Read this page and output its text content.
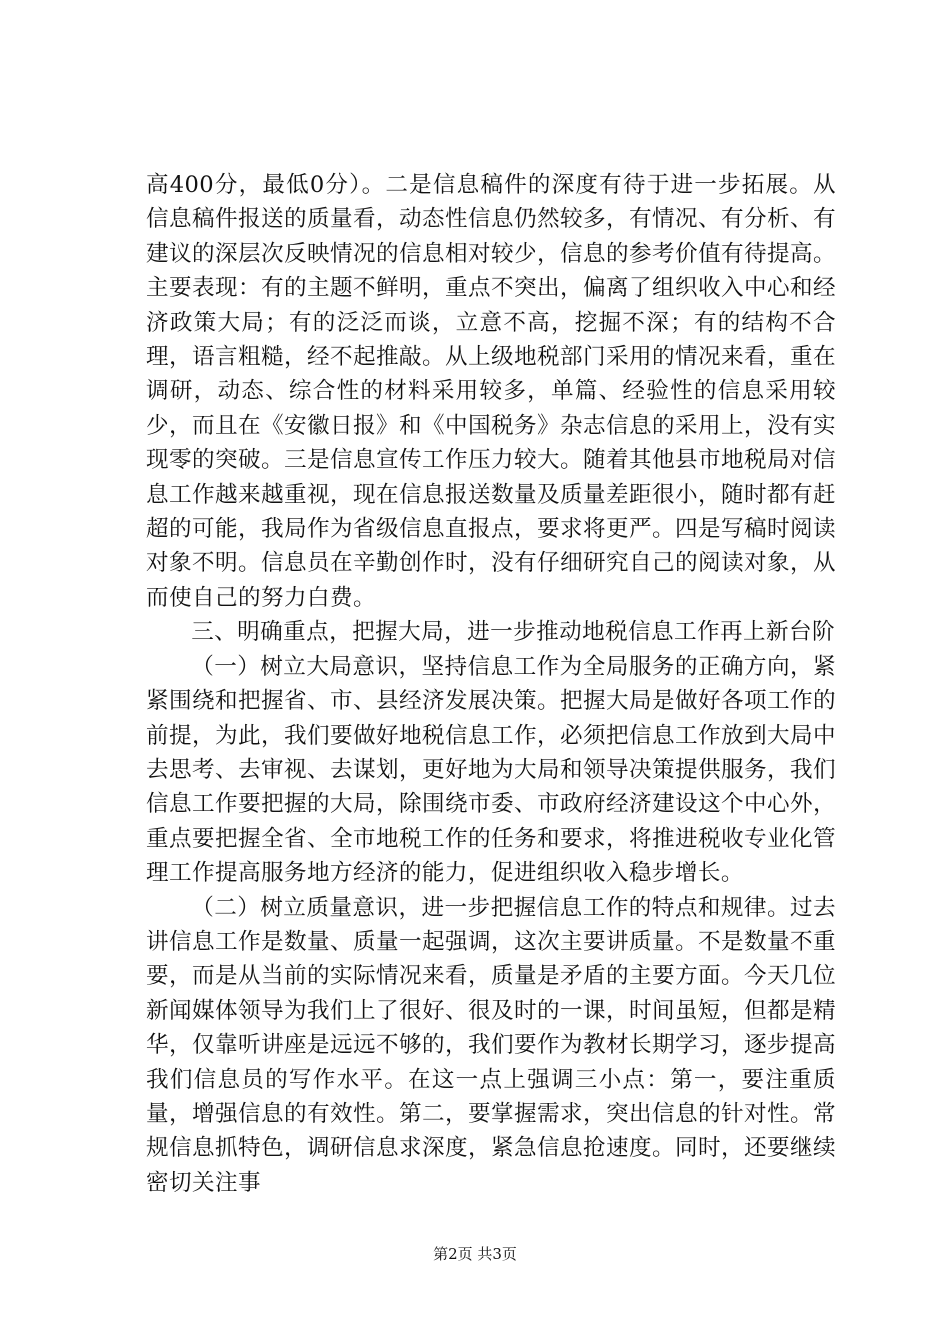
高400分，最低0分）。二是信息稿件的深度有待于进一步拓展。从信息稿件报送的质量看，动态性信息仍然较多，有情况、有分析、有建议的深层次反映情况的信息相对较少，信息的参考价值有待提高。主要表现：有的主题不鲜明，重点不突出，偏离了组织收入中心和经济政策大局；有的泛泛而谈，立意不高，挖掘不深；有的结构不合理，语言粗糙，经不起推敲。从上级地税部门采用的情况来看，重在调研，动态、综合性的材料采用较多，单篇、经验性的信息采用较少，而且在《安徽日报》和《中国税务》杂志信息的采用上，没有实现零的突破。三是信息宣传工作压力较大。随着其他县市地税局对信息工作越来越重视，现在信息报送数量及质量差距很小，随时都有赶超的可能，我局作为省级信息直报点，要求将更严。四是写稿时阅读对象不明。信息员在辛勤创作时，没有仔细研究自己的阅读对象，从而使自己的努力白费。

三、明确重点，把握大局，进一步推动地税信息工作再上新台阶

（一）树立大局意识，坚持信息工作为全局服务的正确方向，紧紧围绕和把握省、市、县经济发展决策。把握大局是做好各项工作的前提，为此，我们要做好地税信息工作，必须把信息工作放到大局中去思考、去审视、去谋划，更好地为大局和领导决策提供服务，我们信息工作要把握的大局，除围绕市委、市政府经济建设这个中心外，重点要把握全省、全市地税工作的任务和要求，将推进税收专业化管理工作提高服务地方经济的能力，促进组织收入稳步增长。

（二）树立质量意识，进一步把握信息工作的特点和规律。过去讲信息工作是数量、质量一起强调，这次主要讲质量。不是数量不重要，而是从当前的实际情况来看，质量是矛盾的主要方面。今天几位新闻媒体领导为我们上了很好、很及时的一课，时间虽短，但都是精华，仅靠听讲座是远远不够的，我们要作为教材长期学习，逐步提高我们信息员的写作水平。在这一点上强调三小点：第一，要注重质量，增强信息的有效性。第二，要掌握需求，突出信息的针对性。常规信息抓特色，调研信息求深度，紧急信息抢速度。同时，还要继续密切关注事

第2页 共3页
